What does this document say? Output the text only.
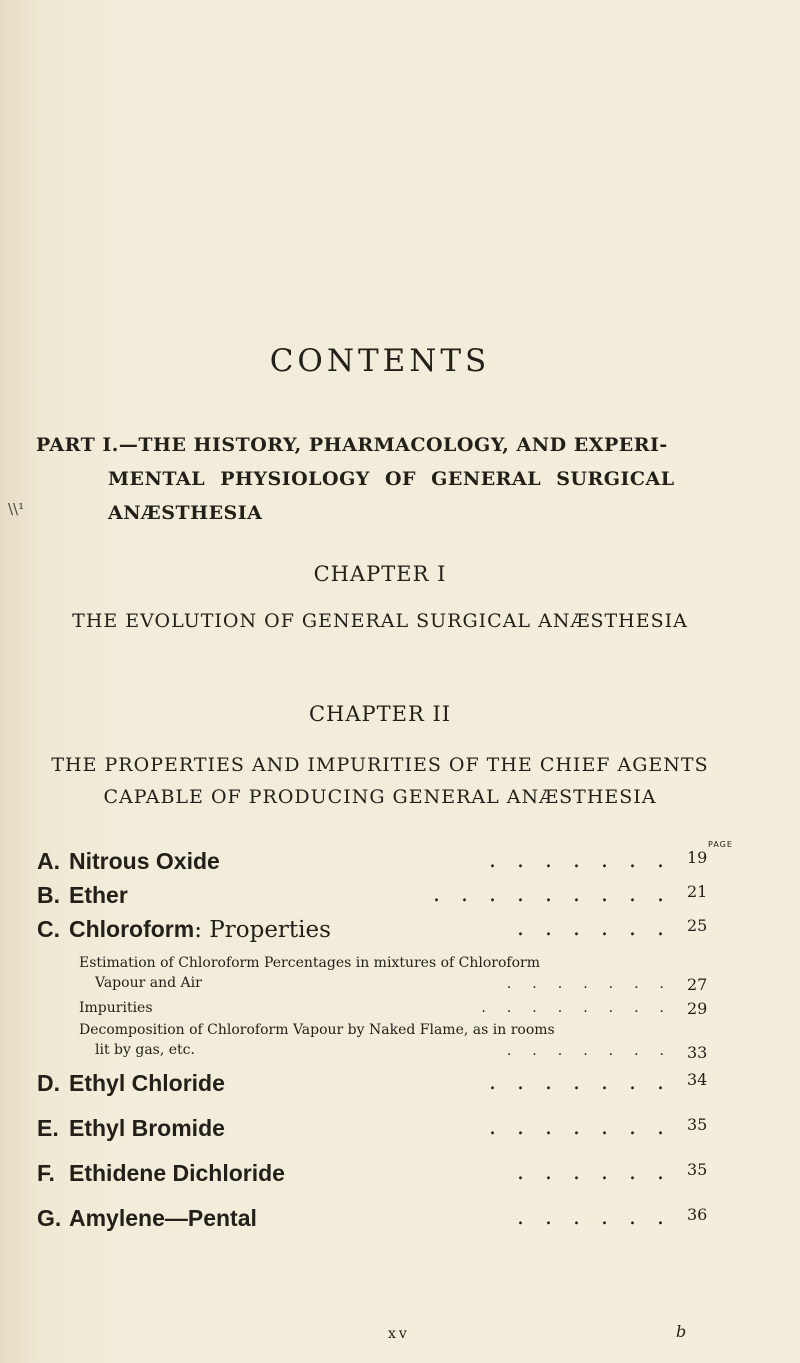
\\¹
CONTENTS
PART I.—THE HISTORY, PHARMACOLOGY, AND EXPERI-
MENTAL PHYSIOLOGY OF GENERAL SURGICAL
ANÆSTHESIA
CHAPTER I
THE EVOLUTION OF GENERAL SURGICAL ANÆSTHESIA
CHAPTER II
THE PROPERTIES AND IMPURITIES OF THE CHIEF AGENTS
CAPABLE OF PRODUCING GENERAL ANÆSTHESIA
PAGE
.......
A. Nitrous Oxide	19
.........
B. Ether	21
......
C. Chloroform : Properties	25
Estimation of Chloroform Percentages in mixtures of Chloroform
Vapour and Air	....... 27
Impurities	........ 29
Decomposition of Chloroform Vapour by Naked Flame, as in rooms
lit by gas, etc.	....... 33
.......
D. Ethyl Chloride	34
.......
E. Ethyl Bromide	35
......
F. Ethidene Dichloride	35
......
G. Amylene—Pental	36
xv	b
